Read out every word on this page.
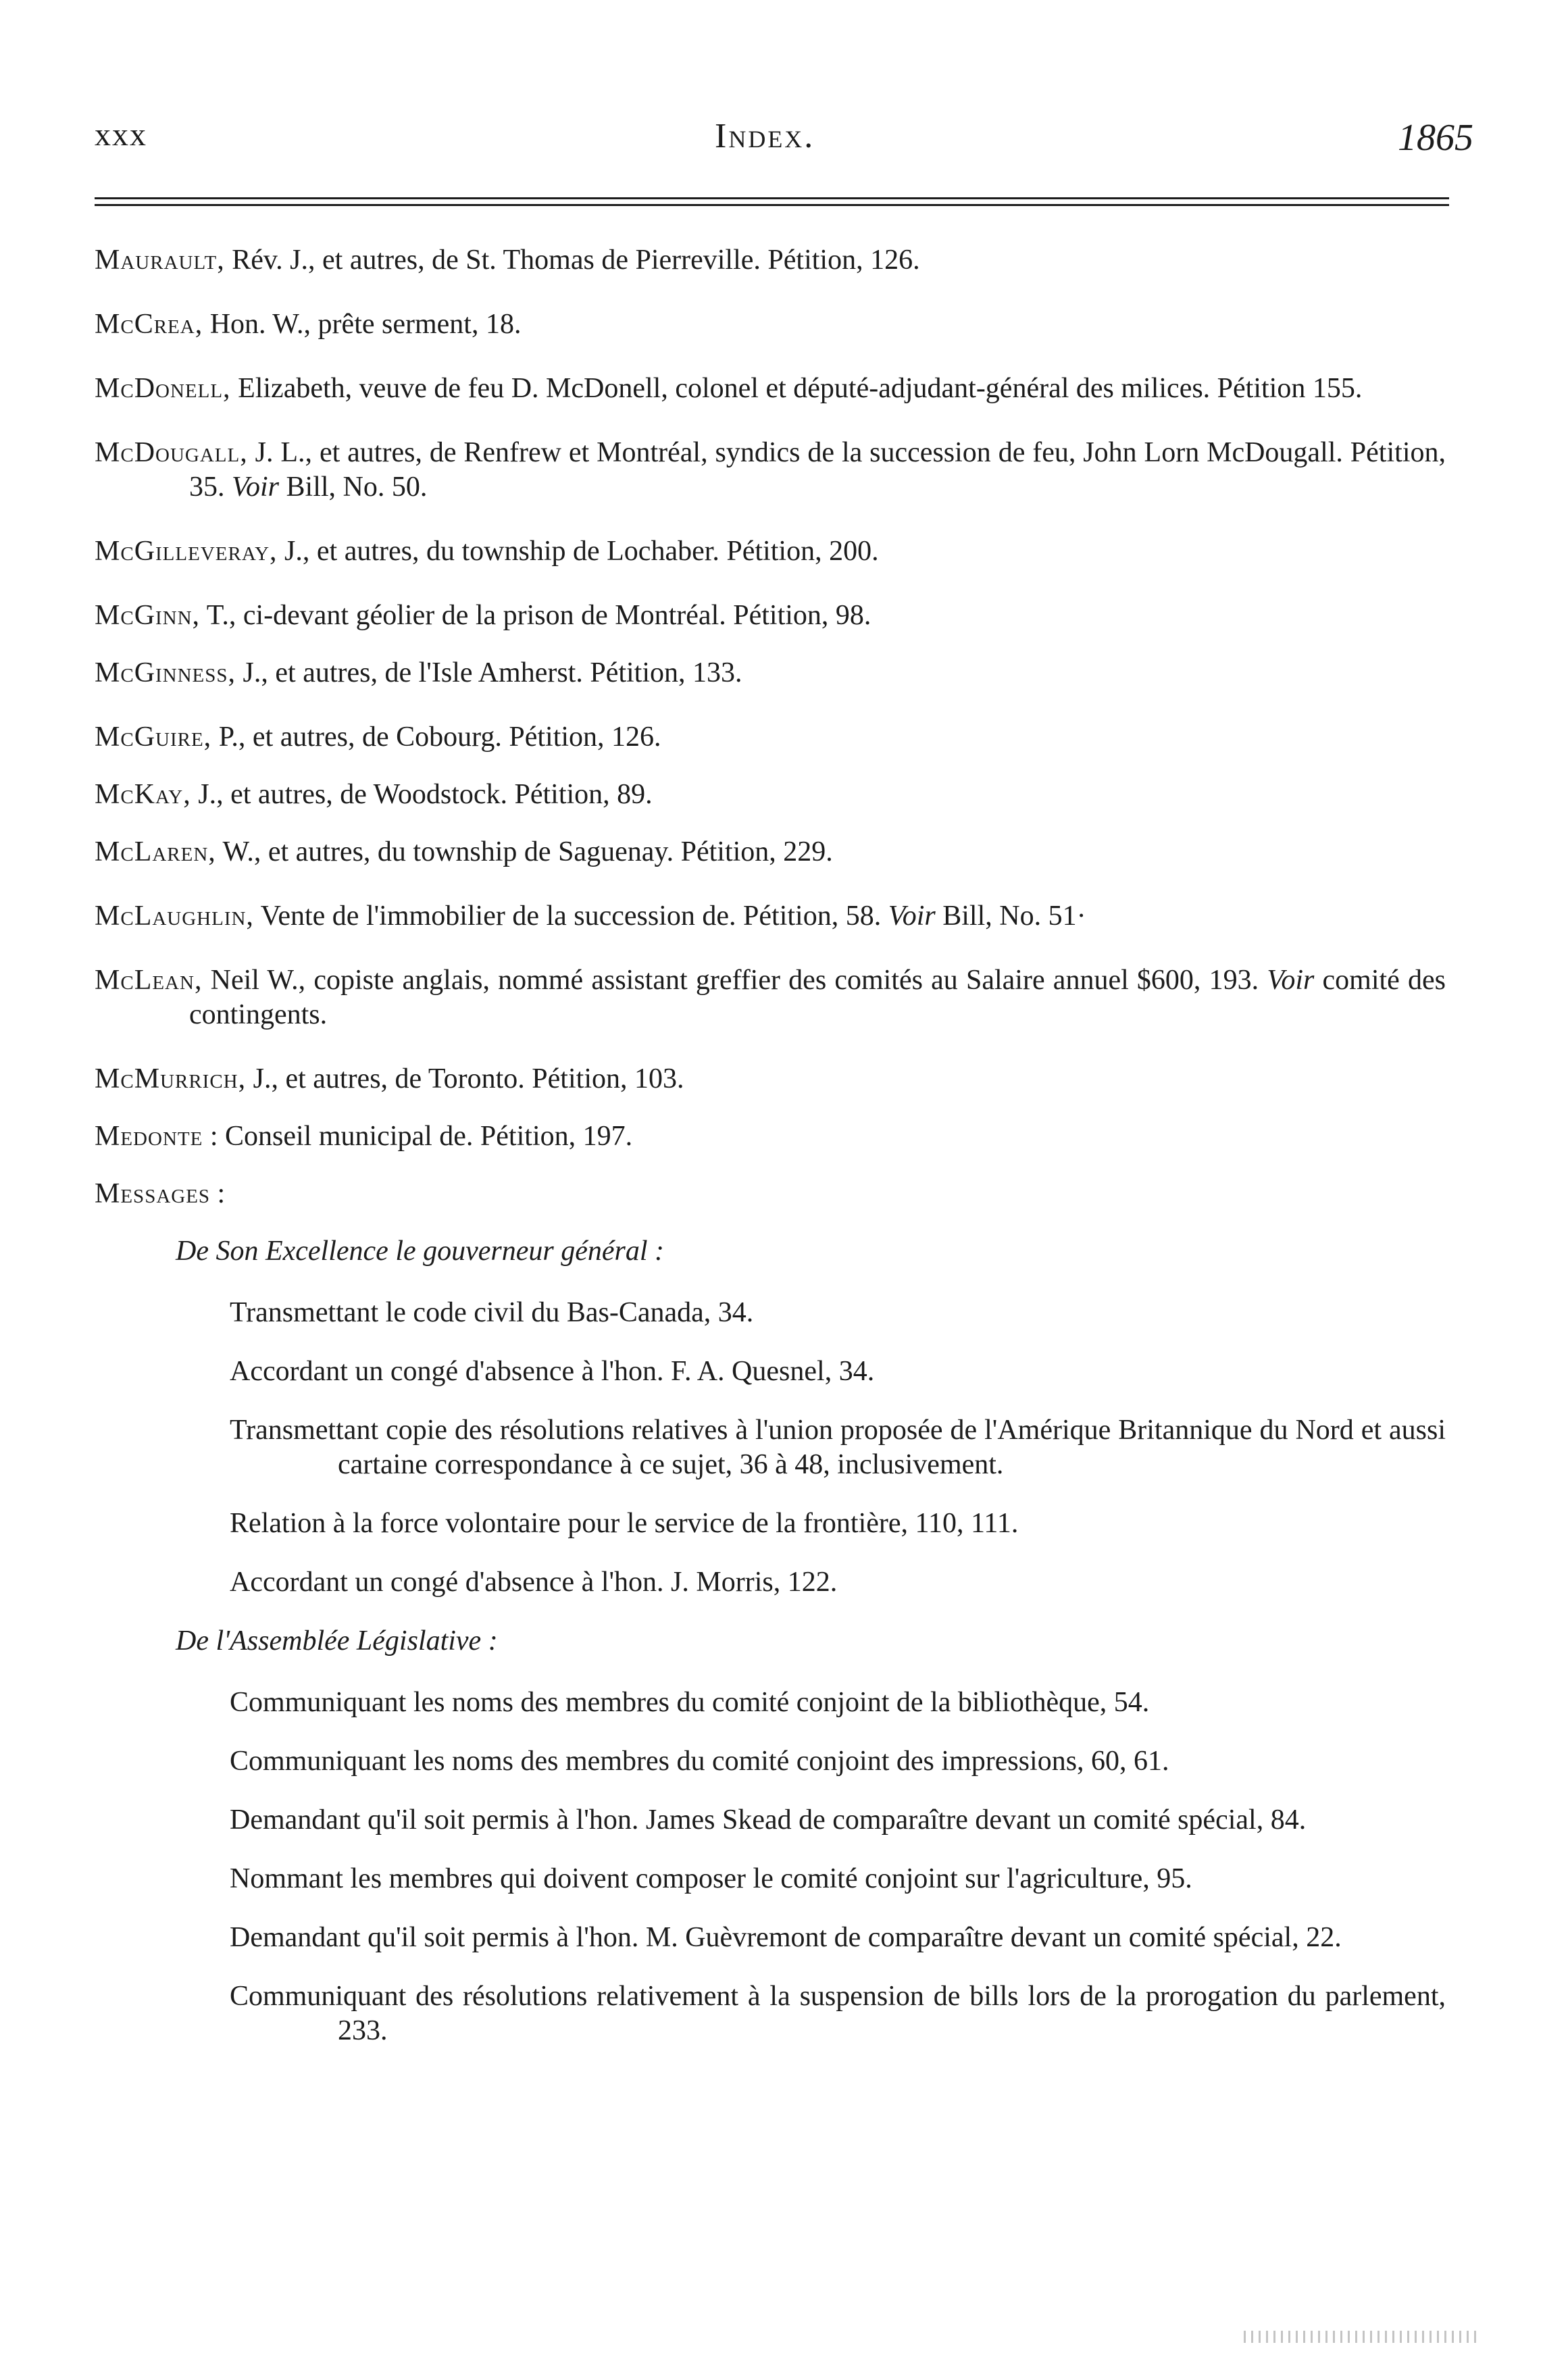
xxx	Index.	1865
Maurault, Rév. J., et autres, de St. Thomas de Pierreville. Pétition, 126.
McCrea, Hon. W., prête serment, 18.
McDonell, Elizabeth, veuve de feu D. McDonell, colonel et député-adjudant-général des milices. Pétition 155.
McDougall, J. L., et autres, de Renfrew et Montréal, syndics de la succession de feu, John Lorn McDougall. Pétition, 35. Voir Bill, No. 50.
McGilleveray, J., et autres, du township de Lochaber. Pétition, 200.
McGinn, T., ci-devant géolier de la prison de Montréal. Pétition, 98.
McGinness, J., et autres, de l'Isle Amherst. Pétition, 133.
McGuire, P., et autres, de Cobourg. Pétition, 126.
McKay, J., et autres, de Woodstock. Pétition, 89.
McLaren, W., et autres, du township de Saguenay. Pétition, 229.
McLaughlin, Vente de l'immobilier de la succession de. Pétition, 58. Voir Bill, No. 51·
McLean, Neil W., copiste anglais, nommé assistant greffier des comités au Salaire annuel $600, 193. Voir comité des contingents.
McMurrich, J., et autres, de Toronto. Pétition, 103.
Medonte : Conseil municipal de. Pétition, 197.
Messages :
De Son Excellence le gouverneur général :
Transmettant le code civil du Bas-Canada, 34.
Accordant un congé d'absence à l'hon. F. A. Quesnel, 34.
Transmettant copie des résolutions relatives à l'union proposée de l'Amérique Britannique du Nord et aussi cartaine correspondance à ce sujet, 36 à 48, inclusivement.
Relation à la force volontaire pour le service de la frontière, 110, 111.
Accordant un congé d'absence à l'hon. J. Morris, 122.
De l'Assemblée Législative :
Communiquant les noms des membres du comité conjoint de la bibliothèque, 54.
Communiquant les noms des membres du comité conjoint des impressions, 60, 61.
Demandant qu'il soit permis à l'hon. James Skead de comparaître devant un comité spécial, 84.
Nommant les membres qui doivent composer le comité conjoint sur l'agriculture, 95.
Demandant qu'il soit permis à l'hon. M. Guèvremont de comparaître devant un comité spécial, 22.
Communiquant des résolutions relativement à la suspension de bills lors de la prorogation du parlement, 233.
